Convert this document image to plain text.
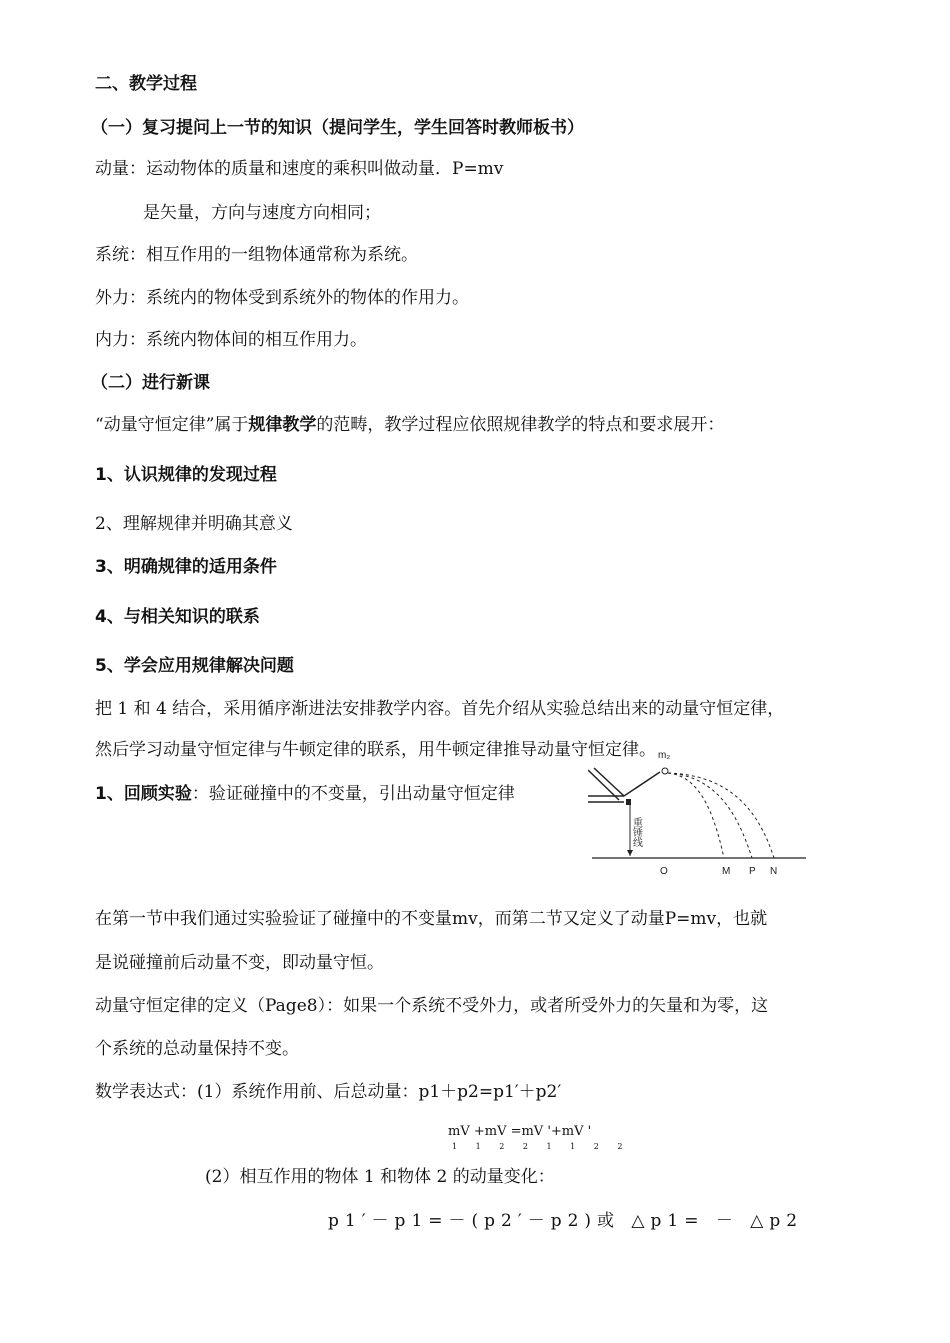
二、教学过程
（一）复习提问上一节的知识（提问学生，学生回答时教师板书）
动量：运动物体的质量和速度的乘积叫做动量．P=mv
是矢量，方向与速度方向相同；
系统：相互作用的一组物体通常称为系统。
外力：系统内的物体受到系统外的物体的作用力。
内力：系统内物体间的相互作用力。
（二）进行新课
“动量守恒定律”属于规律教学的范畴，教学过程应依照规律教学的特点和要求展开：
1、认识规律的发现过程
2、理解规律并明确其意义
3、明确规律的适用条件
4、与相关知识的联系
5、学会应用规律解决问题
把 1 和 4 结合，采用循序渐进法安排教学内容。首先介绍从实验总结出来的动量守恒定律，
然后学习动量守恒定律与牛顿定律的联系，用牛顿定律推导动量守恒定律。
1、回顾实验：验证碰撞中的不变量，引出动量守恒定律
m₂
重锤线
O	M P N
在第一节中我们通过实验验证了碰撞中的不变量mv，而第二节又定义了动量P=mv，也就
是说碰撞前后动量不变，即动量守恒。
动量守恒定律的定义（Page8）：如果一个系统不受外力，或者所受外力的矢量和为零，这
个系统的总动量保持不变。
数学表达式：(1）系统作用前、后总动量：p1＋p2=p1′＋p2′
mV +mV =mV '+mV '
1 1 2 2 1 1 2 2
(2）相互作用的物体 1 和物体 2 的动量变化：
p1′－p1=－(p2′－p2)或 △p1= － △p2
